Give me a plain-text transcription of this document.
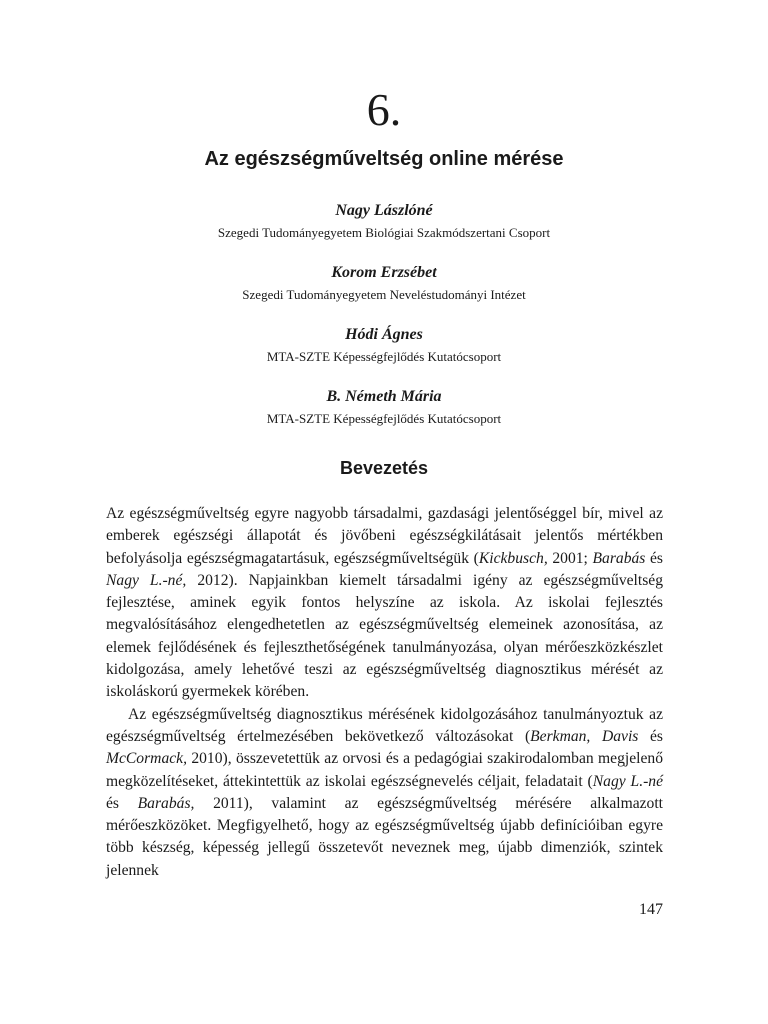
6.
Az egészségműveltség online mérése
Nagy Lászlóné
Szegedi Tudományegyetem Biológiai Szakmódszertani Csoport
Korom Erzsébet
Szegedi Tudományegyetem Neveléstudományi Intézet
Hódi Ágnes
MTA-SZTE Képességfejlődés Kutatócsoport
B. Németh Mária
MTA-SZTE Képességfejlődés Kutatócsoport
Bevezetés

Az egészségműveltség egyre nagyobb társadalmi, gazdasági jelentőséggel bír, mivel az emberek egészségi állapotát és jövőbeni egészségkilátásait jelentős mértékben befolyásolja egészségmagatartásuk, egészségműveltségük (Kickbusch, 2001; Barabás és Nagy L.-né, 2012). Napjainkban kiemelt társadalmi igény az egészségműveltség fejlesztése, aminek egyik fontos helyszíne az iskola. Az iskolai fejlesztés megvalósításához elengedhetetlen az egészségműveltség elemeinek azonosítása, az elemek fejlődésének és fejleszthetőségének tanulmányozása, olyan mérőeszközkészlet kidolgozása, amely lehetővé teszi az egészségműveltség diagnosztikus mérését az iskoláskorú gyermekek körében.

Az egészségműveltség diagnosztikus mérésének kidolgozásához tanulmányoztuk az egészségműveltség értelmezésében bekövetkező változásokat (Berkman, Davis és McCormack, 2010), összevetettük az orvosi és a pedagógiai szakirodalomban megjelenő megközelítéseket, áttekintettük az iskolai egészségnevelés céljait, feladatait (Nagy L.-né és Barabás, 2011), valamint az egészségműveltség mérésére alkalmazott mérőeszközöket. Megfigyelhető, hogy az egészségműveltség újabb definícióiban egyre több készség, képesség jellegű összetevőt neveznek meg, újabb dimenziók, szintek jelennek

147
